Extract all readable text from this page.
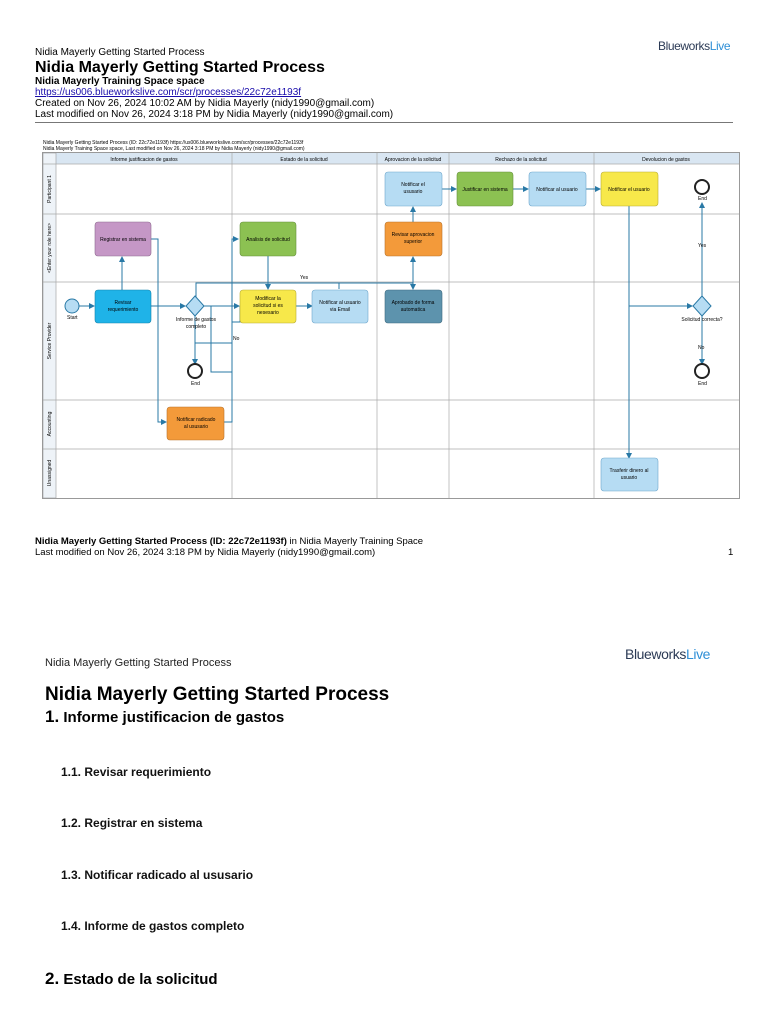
Nidia Mayerly Getting Started Process
Nidia Mayerly Getting Started Process
Nidia Mayerly Training Space space
https://us006.blueworkslive.com/scr/processes/22c72e1193f
Created on Nov 26, 2024 10:02 AM by Nidia Mayerly (nidy1990@gmail.com)
Last modified on Nov 26, 2024 3:18 PM by Nidia Mayerly (nidy1990@gmail.com)
BlueworksLive
Nidia Mayerly Getting Started Process (ID: 22c72e1193f) https://us006.blueworkslive.com/scr/processes/22c72e1193f
Nidia Mayerly Training Space space, Last modified on Nov 26, 2024 3:18 PM by Nidia Mayerly (nidy1990@gmail.com)
Informe justificacion de gastos	Estado de la solicitud	Aprovacion de la solicitud	Rechazo de la solicitud	Devolucion de gastos
Participant 1
<Enter your role here>
Service Provider
Accounting
Unassigned
Registrar en sistema
Revisar
requerimiento
Notificar radicado
al ususario
Analisis de solicitud
Modificar la
solicitud si es
nesesario
Notificar al usuario
via Email
Notificar el
ususario
Revisar aprovacion
superior
Aprobado de forma
automatica
Justificar en sistema	Notificar al usuario	Notificar el usuario
Trasferir dinero al
usuario
Start
End
End
End
Informe de gastos
completo
Solicitud correcta?
Yes
No
Yes
No
Nidia Mayerly Getting Started Process (ID: 22c72e1193f) in Nidia Mayerly Training Space
Last modified on Nov 26, 2024 3:18 PM by Nidia Mayerly (nidy1990@gmail.com)	1
Nidia Mayerly Getting Started Process
BlueworksLive
Nidia Mayerly Getting Started Process
1. Informe justificacion de gastos
1.1. Revisar requerimiento
1.2. Registrar en sistema
1.3. Notificar radicado al ususario
1.4. Informe de gastos completo
2. Estado de la solicitud
